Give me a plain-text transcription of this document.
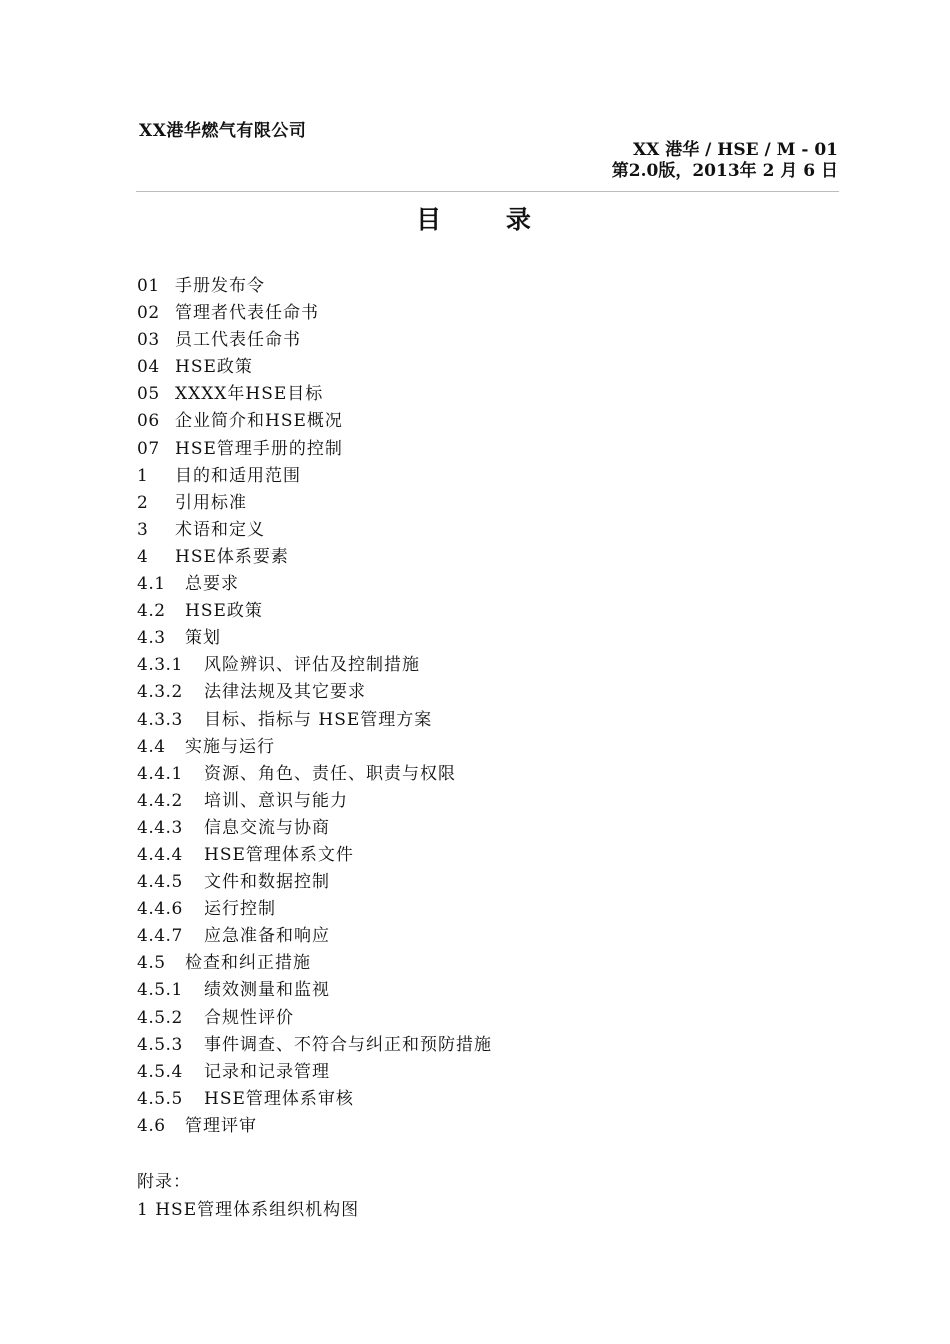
XX港华燃气有限公司
XX 港华 / HSE / M - 01
第2.0版，2013年 2 月 6 日
目 录
01 手册发布令
02 管理者代表任命书
03 员工代表任命书
04 HSE政策
05 XXXX年HSE目标
06 企业简介和HSE概况
07 HSE管理手册的控制
1	目的和适用范围
2	引用标准
3	术语和定义
4	HSE体系要素
4.1	总要求
4.2	HSE政策
4.3	策划
4.3.1	风险辨识、评估及控制措施
4.3.2	法律法规及其它要求
4.3.3	目标、指标与 HSE管理方案
4.4	实施与运行
4.4.1	资源、角色、责任、职责与权限
4.4.2	培训、意识与能力
4.4.3	信息交流与协商
4.4.4	HSE管理体系文件
4.4.5	文件和数据控制
4.4.6	运行控制
4.4.7	应急准备和响应
4.5	检查和纠正措施
4.5.1	绩效测量和监视
4.5.2	合规性评价
4.5.3	事件调查、不符合与纠正和预防措施
4.5.4	记录和记录管理
4.5.5	HSE管理体系审核
4.6	管理评审
附录：
1 HSE管理体系组织机构图
